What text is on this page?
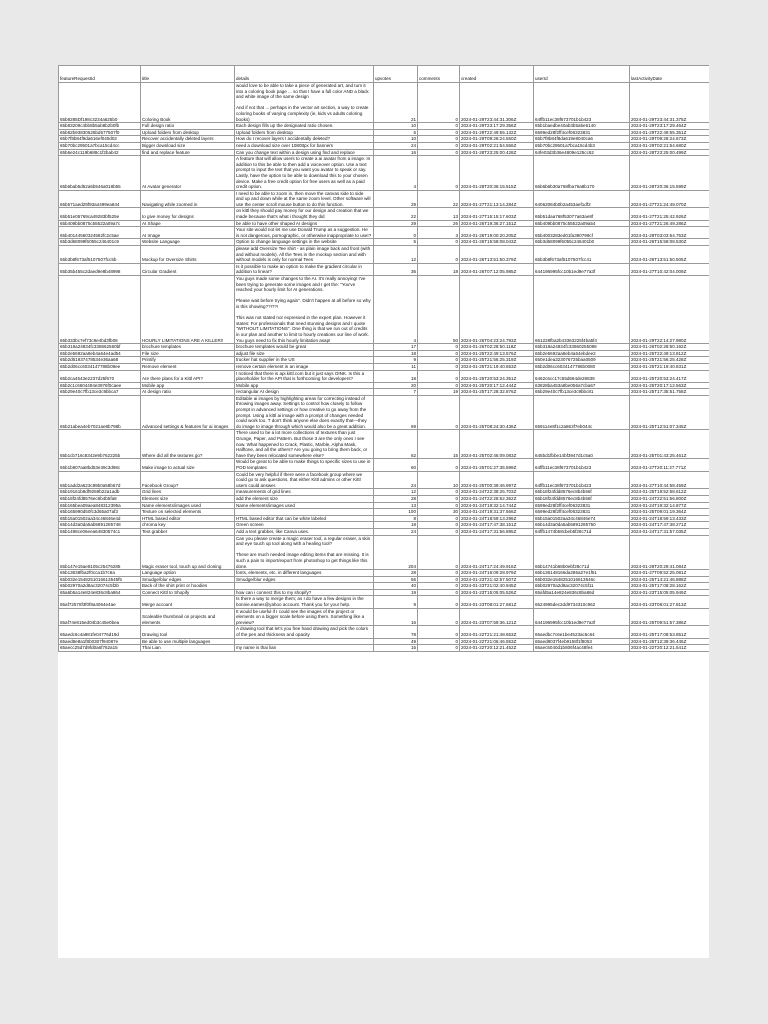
featureRequestId	title	details	upvotes	comments	created	userId	lastActivityDate
65b8285Df198c3234a625b0	Coloring Book	would love to be able to take a piece of generated art, and turn it into a coloring book page ... so that I have a full color AND a black and white image of the same design

And if not that ... perhaps in the vector art section, a way to create coloring books of varying complexity (ie, kids vs adults coloring books)	21	0	2024-01-29T23:44:31.306Z	64ffb11ec38f673701b1b423	2024-01-29T23:44:31.375Z
65b83209c4bb8b5ab8b2b0fb	Full design ratio	Each design fills up the designated ratio chosen.	10	0	2024-01-29T23:17:29.356Z	65b1baedbe40ab3b5a5e6140	2024-01-29T23:17:29.464Z
65b82b93830525bd577507f0	Upload folders from desktop	Upload folders from desktop	5	0	2024-01-29T22:49:55.132Z	6599ed28f2ff4cef06323831	2024-01-29T22:49:55.351Z
65b7f8b84f9da616ef040d02	Recover accidentally deleted layers	How do I recover layers I accidentally deleted?	10	0	2024-01-29T09:28:24.550Z	65b7f8b84f8da619e8040ca6	2024-01-29T09:28:24.673Z
65b70bc29501a7bca15cd4cc	Bigger download size	need a download size over 1080ttpx for banners	24	0	2024-01-29T02:21:54.556Z	65b70bc29501a7bca15cd4b3	2024-01-29T02:21:54.680Z
65b6e24c119b688c1f2bab42	find and replace feature	Can you change text within a design using find and replace	16	0	2024-01-28T23:25:00.428Z	64fe03d3b36e4809e125cc62	2024-01-28T23:25:00.499Z
65b6bab5d52a6b546a018b55	AI Avatar generator	A feature that will allow users to create a ai avatar from a image. In addition to this be able to then add a voiceover option. Use a text prompt to input the text that you want you avatar to speak or say. Lastly, have the option to be able to download this to your chosen device. Make a free credit option for free users as well as a paid credit option.	4	0	2024-01-28T20:36:15.515Z	65b6b6b30a768fba76a8b170	2024-01-28T20:36:15.599Z
65b571aed29f93a4499ea844	Navigating while zoomed in	I need to be able to zoom in, then move the canvas side to side and up and down while at the same zoom level. Other software will use the center scroll mouse button to do this function.	29	22	2024-01-27T21:13:14.284Z	64062084b0b2a453aef1df2	2024-01-27T21:24:49.070Z
65b51e05769ca49283bf525e	to give money for designs	on kittl they should pay money for our design and creation that we made because that's what i thought they did	22	13	2024-01-27T15:15:17.603Z	65b51daa768f53077a63ae8f	2024-01-27T21:25:42.926Z
65b409bb0875c55522a09a7c	AI Shape	be able to have other shaped AI designs	29	26	2024-01-26T19:36:27.151Z	65b409bb0875c55522a09a54	2024-01-27T21:26:49.286Z
65b40144560324582fc2c5ae	AI Image	Your site would not let me use Donald Trump as a suggestion. He is not dangerous, pornographic, or otherwise inappropriate to use!?	0	3	2024-01-26T19:00:20.205Z	65b4003283ed01fa390799cf	2024-01-28T03:03:54.753Z
65b3d68099f6055c246401c9	Website Language	Option to change language settings in the website	5	0	2024-01-26T15:58:08.043Z	65b3d68099f6055c246401b0	2024-01-26T15:58:08.530Z
65b3b8f673af5107507fcc5b	Mockup for Oversize Shirts	please add Oversize Tee shirt - as plain image back and front (with and without models). All the Tees in the mockup section and with without models is only for normal Tees	12	0	2024-01-26T13:51:50.379Z	65b3b8f673af5107507fcc41	2024-01-26T13:51:50.505Z
65b35b455c2daed9e8b48998	Circular Gradient	Is it possible to make an option to make the gradient circular in addition to linear?	36	18	2024-01-26T07:12:05.985Z	644196995fcc10b1ed9e77a3f	2024-01-27T10:42:04.009Z
65b333bc7ef73c9e4bd3fb08	HOURLY LIMITATIONS ARE A KILLER!!	You guys made some changes to the AI. It's really annoying! I've been trying to generate some images and I get the: "You've reached your hourly limit for AI generations.

Please wait before trying again". Didn't happen at all before so why is this showing??!??!

This was not stated nor expressed in the expert plan. However it states: For professionals that need stunning designs and I quote "WITHOUT LIMITATIONS". One thing is that we run out of credits in our plan and another to limit to hourly creations our line of work. You guys need to fix this hourly limitation asap!	4	50	2024-01-26T04:23:24.793Z	651228fba2b43363225f4ba5f4	2024-01-29T22:14:27.980Z
65b318a24834fc338662560bf	brochure templates	brochure templates would be great	17	0	2024-01-26T02:28:50.118Z	65b318a24834fc33860255098	2024-01-26T02:28:50.192Z
65b2e5692aa8eb4a64e4ad54	File size	adjust file size	18	0	2024-01-25T22:49:13.576Z	65b2e5692aa8eb4a64ebdee2	2024-01-25T22:49:13.812Z
65b2d61937478534e36aa68	Printify	trucker hat supplier in the US	9	0	2024-01-25T21:56:25.319Z	650e1dea323076725baa0509	2024-01-25T21:56:25.428Z
65b2d06cc6034147788b09ee	Remove element	remove certain element in an image	11	0	2024-01-25T21:19:40.653Z	65b2d06cc6034147786b0080	2024-01-25T21:19:40.831Z
65b2ca4543e2237d25f670	Are there plans for a Kittl API?	I noticed that there is api.kittl.com but it just says OINK. Is this a placeholder for the API that is forthcoming for developers?	18	0	2024-01-25T20:53:24.351Z	6462c6cc17c55d694de28839	2024-01-25T20:53:24.417Z
65b2c1c6604484e3976f0caee	Mobile app	Mobile app	20	0	2024-01-25T20:17:12.444Z	63828ba453a8be056a7cba67	2024-01-25T20:17:12.563Z
65b29e40c7fb13ce3c9bbca7	AI design ratio	rectangular AI design	7	19	2024-01-25T17:28:32.876Z	65b29e40c7fb13ce3c9bbc81	2024-01-25T17:35:51.758Z
65b21abea4eb7021ae8b798b	Advanced settings & features for ai images	Editable ai images by highlighting areas for correcting instead of throwing images away. Settings to control how closely to follow prompt in advanced settings or how creative to go away from the prompt. Using a kittl ai image with a prompt of changes needed could work too. T don't think anyone else does exactly that—they do image to image through which would also be a great addition.	69	0	2024-01-25T08:24:30.436Z	659114e8f1c2a863f7eb044c	2024-01-25T12:51:07.345Z
65b1cb716c8342e9b762225b	Where did all the textures go?	There used to be a lot more collections of textures than just Grunge, Paper, and Pattern. But those 3 are the only ones I see now. What happened to Crack, Plastic, Marble, Alpha Mask, Halftone, and all the others? Are you going to bring them back, or have they been relocated somewhere else?	62	15	2024-01-25T02:46:09.083Z	645bd1fbbe14bf3947d1c5a0	2024-01-25T01:43:25.461Z
65b1b907aa8bd53e39c3d98c	Make image to actual size	Would be great to be able to make things to specific sizes to use in POD templates	60	0	2024-01-25T01:27:35.599Z	64ffb11ec38f673701b1b423	2024-01-27T20:11:27.771Z
65b1add2a623c89b0a58b67d	Facebook Group?	Could be very helpful if there were a facebook group where we could go to ask questions, that either Kittl admins or other Kittl users could answer.	24	10	2024-01-25T00:39:46.997Z	64ffb11ec38f673701b1b423	2024-01-27T10:44:58.459Z
65b19161b8df9259b22a1adb	Grid lines	measurements of grid lines	12	0	2024-01-24T22:38:25.703Z	65b18f24fdd8576ec8b4b56f	2024-01-25T19:52:58.612Z
65b18f24fd8576ec8b4b5fa8	Element size	add the element size	28	0	2024-01-24T22:28:52.362Z	65b18f24fdd8576ec8b4b56f	2024-01-24T22:51:56.800Z
65b165bea09aea848312395a	Name elements/images used	Name elements/images used	13	0	2024-01-24T19:32:14.744Z	6599ed28f2ff4cef06323831	2024-01-24T19:32:14.877Z
65b165990d50fc3d65a07af3	Texture on selected elements		100	30	2024-01-24T19:31:37.566Z	6599ed28f2ff4cef06323831	2024-01-25T09:01:19.364Z
65b15a01502aa34c46846e4d	HTML based editor	HTML based editor that can be white labeled	8	0	2024-01-24T18:59:13.296Z	65b15a01502aa34c46846e74	2024-01-24T18:59:13.433Z
65b14d3a0da5ab5891285748	chroma key	Green screen	18	0	2024-01-24T17:47:38.151Z	65b14d3a0da5ab5891285750	2024-01-24T17:47:38.271Z
65b1498ce06eea64830574c1	Text grabber	Add a text grabber, like Canva uses.	24	0	2024-01-24T17:31:56.895Z	64ffb1474b58cbeb5f28c71d	2024-01-24T17:31:57.035Z
65b147e15ae8105c25476285	Magic eraser tool, touch up and cloning	Can you please create a magic eraser tool, a regular eraser, a skin and eye touch up tool along with a healing tool?

These are much needed image editing items that are missing. It is such a pain to import/export from photoshop to get things like this done.	204	0	2024-01-24T17:24:49.916Z	65b14741b68b0ebf28c71d	2024-01-28T20:29:41.084Z
65b13638fba2f0cca1b7c6a	Language option	fonts, elements, etc. in different languages	28	0	2024-01-24T16:09:28.979Z	65b136148166da286a27e1f51	2024-01-27T09:52:25.081Z
65b032e1548251016613545f5	Smudge/blur edges	Smudge/blur edges	56	0	2024-01-23T21:42:57.507Z	65b032e1548251016613546c	2024-01-25T14:21:46.888Z
65b02970a2d8ac32074c5f2b	Back of the shirt print or hoodies		40	0	2024-01-23T21:02:40.945Z	65b02970a2d8ac32074c5f11	2024-01-25T17:08:28.162Z
65a6b5a14e824e836c8ba864	Connect Kittl to Shopify	how can i connect this to my shopify?	19	0	2024-01-23T15:05:05.526Z	65afd5a14e824e836c8ba86d	2024-01-23T15:05:05.949Z
65af72578f3f0f8a4064e4ae	Merge account	Is there a way to merge them; as I do have a few designs in the bonnie.eames@yahoo account. Thank you for your help.	9	0	2024-01-23T08:01:27.681Z	6524995dec2dd9734310c962	2024-01-23T08:01:27.813Z
65af74e815ed04b3c45e0bea	Scaleable thumbnail on projects and elements	It would be useful if I could see the images of the project or elements on a bigger scale before using them. Something like a preview?	16	0	2024-01-23T07:59:36.121Z	644196995fcc10b1ed9e77a3f	2024-01-25T09:51:57.386Z
65aedc6c4a981fe04776d19d	Drawing tool	A drawing tool that let's you free hand drawing and pick the colors of the pen and thickness and opacity	78	0	2024-01-22T21:21:48.653Z	65aedbc7c6e1be4523ac5c64	2024-01-25T17:08:53.851Z
65aed8e8a1f8b0307f94087e	Be able to use multiple languages		49	0	2024-01-22T21:06:46.553Z	65aed8037f4eb9158f1f8053	2024-01-25T12:39:36.445Z
65aecc25d7d9fd0a6f762a15	Thai Lian	my name is thai lian	15	0	2024-01-22T20:12:21.452Z	65aec5040d1b806f4ac48fe4	2024-01-22T20:12:21.541Z
